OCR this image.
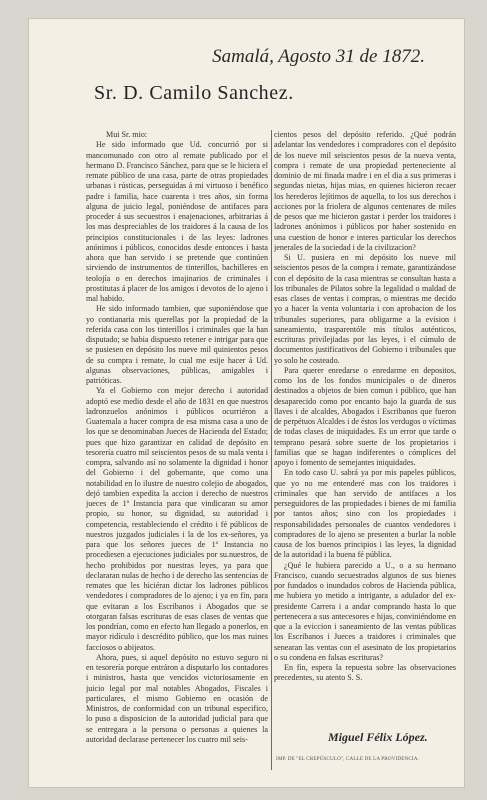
Samalá, Agosto 31 de 1872.
Sr. D. Camilo Sanchez.

Mui Sr. mio:

He sido informado que Ud. concurrió por si mancomunado con otro al remate publicado por el hermano D. Francisco Sánchez, para que se le hiciera el remate público de una casa, parte de otras propiedades urbanas i rústicas, perseguidas á mi virtuoso i benéfico padre i familia, hace cuarenta i tres años, sin forma alguna de juicio legal, poniéndose de antifaces para proceder á sus secuestros i enajenaciones, arbitrarias á los mas despreciables de los traidores á la causa de los principios constitucionales i de las leyes: ladrones anónimos i públicos, conocidos desde entonces i hasta ahora que han servido i se pretende que continúen sirviendo de instrumentos de tinterillos, bachilleres en teolojía o en derechos imajinarios de criminales i prostitutas á placer de los amigos i devotos de lo ajeno i mal habido.

He sido informado tambien, que suponiéndose que yo contianaria mis querellas por la propiedad de la referida casa con los tinterillos i criminales que la han disputado; se habia dispuesto retener e intrigar para que se pusiesen en depósito los nueve mil quinientos pesos de su compra i remate, lo cual me esije hacer á Ud. algunas observaciones, públicas, amigables i patrióticas.

Ya el Gobierno con mejor derecho i autoridad adoptó ese medio desde el año de 1831 en que nuestros ladronzuelos anónimos i públicos ocurriéron a Guatemala a hacer compra de esa misma casa a uno de los que se denominaban Jueces de Hacienda del Estado; pues que hizo garantizar en calidad de depósito en tesorería cuatro mil seiscientos pesos de su mala venta i compra, salvando así no solamente la dignidad i honor del Gobierno i del gobernante, que como una notabilidad en lo ilustre de nuestro colejio de abogados, dejó tambien expedita la accion i derecho de nuestros jueces de 1ª Instancia para que vindicaran su amor propio, su honor, su dignidad, su autoridad i competencia, restableciendo el crédito i fé públicos de nuestros juzgados judiciales i la de los ex-señores, ya para que los señores jueces de 1ª Instancia no procediesen a ejecuciones judiciales por su.nuestros, de hecho prohibidos por nuestras leyes, ya para que declararan nulas de hecho i de derecho las sentencias de remates que les hiciéran dictar los ladrones públicos vendedores i compradores de lo ajeno; i ya en fin, para que evitaran a los Escribanos i Abogados que se otorgaran falsas escrituras de esas clases de ventas que los pondrían, como en efecto han llegado a ponerlos, en mayor ridículo i descrédito público, que los mas ruines facciosos o abijeatos.

Ahora, pues, si aquel depósito no estuvo seguro ni en tesorería porque entráron a disputarlo los contadores i ministros, hasta que vencidos victoriosamente en juicio legal por mal notables Abogados, Fiscales i particulares, el mismo Gobierno en ocasión de Ministros, de conformidad con un tribunal especifico, lo puso a disposicion de la autoridad judicial para que se entregara a la persona o personas a quienes la autoridad declarase pertenecer los cuatro mil seis-

cientos pesos del depósito referido. ¿Qué podrán adelantar los vendedores i compradores con el depósito de los nueve mil seiscientos pesos de la nueva venta, compra i remate de una propiedad perteneciente al dominio de mi finada madre i en el dia a sus primeras i segundas nietas, hijas mias, en quienes hicieron recaer los herederos lejítimos de aquella, to los sus derechos i acciones por la friolera de algunos centenares de miles de pesos que me hicieron gastar i perder los traidores i ladrones anónimos i públicos por haber sostenido en una cuestion de honor e interes particular los derechos jenerales de la sociedad i de la civilizacion?

Si U. pusiera en mi depósito los nueve mil seiscientos pesos de la compra i remate, garantizándose con el depósito de la casa mientras se consultan hasta a los tribunales de Pilatos sobre la legalidad o maldad de esas clases de ventas i compras, o mientras me decido yo a hacer la venta voluntaria i con aprobacion de los tribunales superiores, para obligarme a la evision i saneamiento, trasparentóle mis títulos auténticos, escrituras privilejiadas por las leyes, i el cúmulo de documentos justificativos del Gobierno i tribunales que yo solo he costeado.

Para querer enredarse o enredarme en depositos, como los de los fondos municipales o de dineros destinados a objetos de bien comun i público, que han desaparecido como por encanto bajo la guarda de sus llaves i de alcaldes, Abogados i Escribanos que fueron de perpétuos Alcaldes i de éstos los verdugos o víctimas de todas clases de iniquidades. Es un error que tarde o temprano pesará sobre suerte de los propietarios i familias que se hagan indiferentes o cómplices del apoyo i fomento de semejantes iniquidades.

En todo caso U. sabrá ya por mis papeles públicos, que yo no me entenderé mas con los traidores i criminales que han servido de antifaces a los perseguidores de las propiedades i bienes de mi familia por tantos años; sino con los propiedades i responsabilidades personales de cuantos vendedores i compradores de lo ajeno se presenten a burlar la noble causa de los buenos principios i las leyes, la dignidad de la autoridad i la buena fé pública.

¿Qué le hubiera parecido a U., o a su hermano Francisco, cuando secuestrados algunos de sus bienes por fundados o inundados cobros de Hacienda pública, me hubiera yo metido a intrigante, a adulador del ex-presidente Carrera i a andar comprando hasta lo que pertenecera a sus antecesores e hijas, conviniéndome en que a la eviccion i saneamiento de las ventas públicas los Escribanos i Jueces a traidores i criminales que senearan las ventas con el asesinato de los propietarios o su condena en falsas escrituras?

En fin, espera la repuesta sobre las observaciones precedentes, su atento S. S.

Miguel Félix López.
IMP. DE "EL CREPÚSCULO", CALLE DE LA PROVIDENCIA.
